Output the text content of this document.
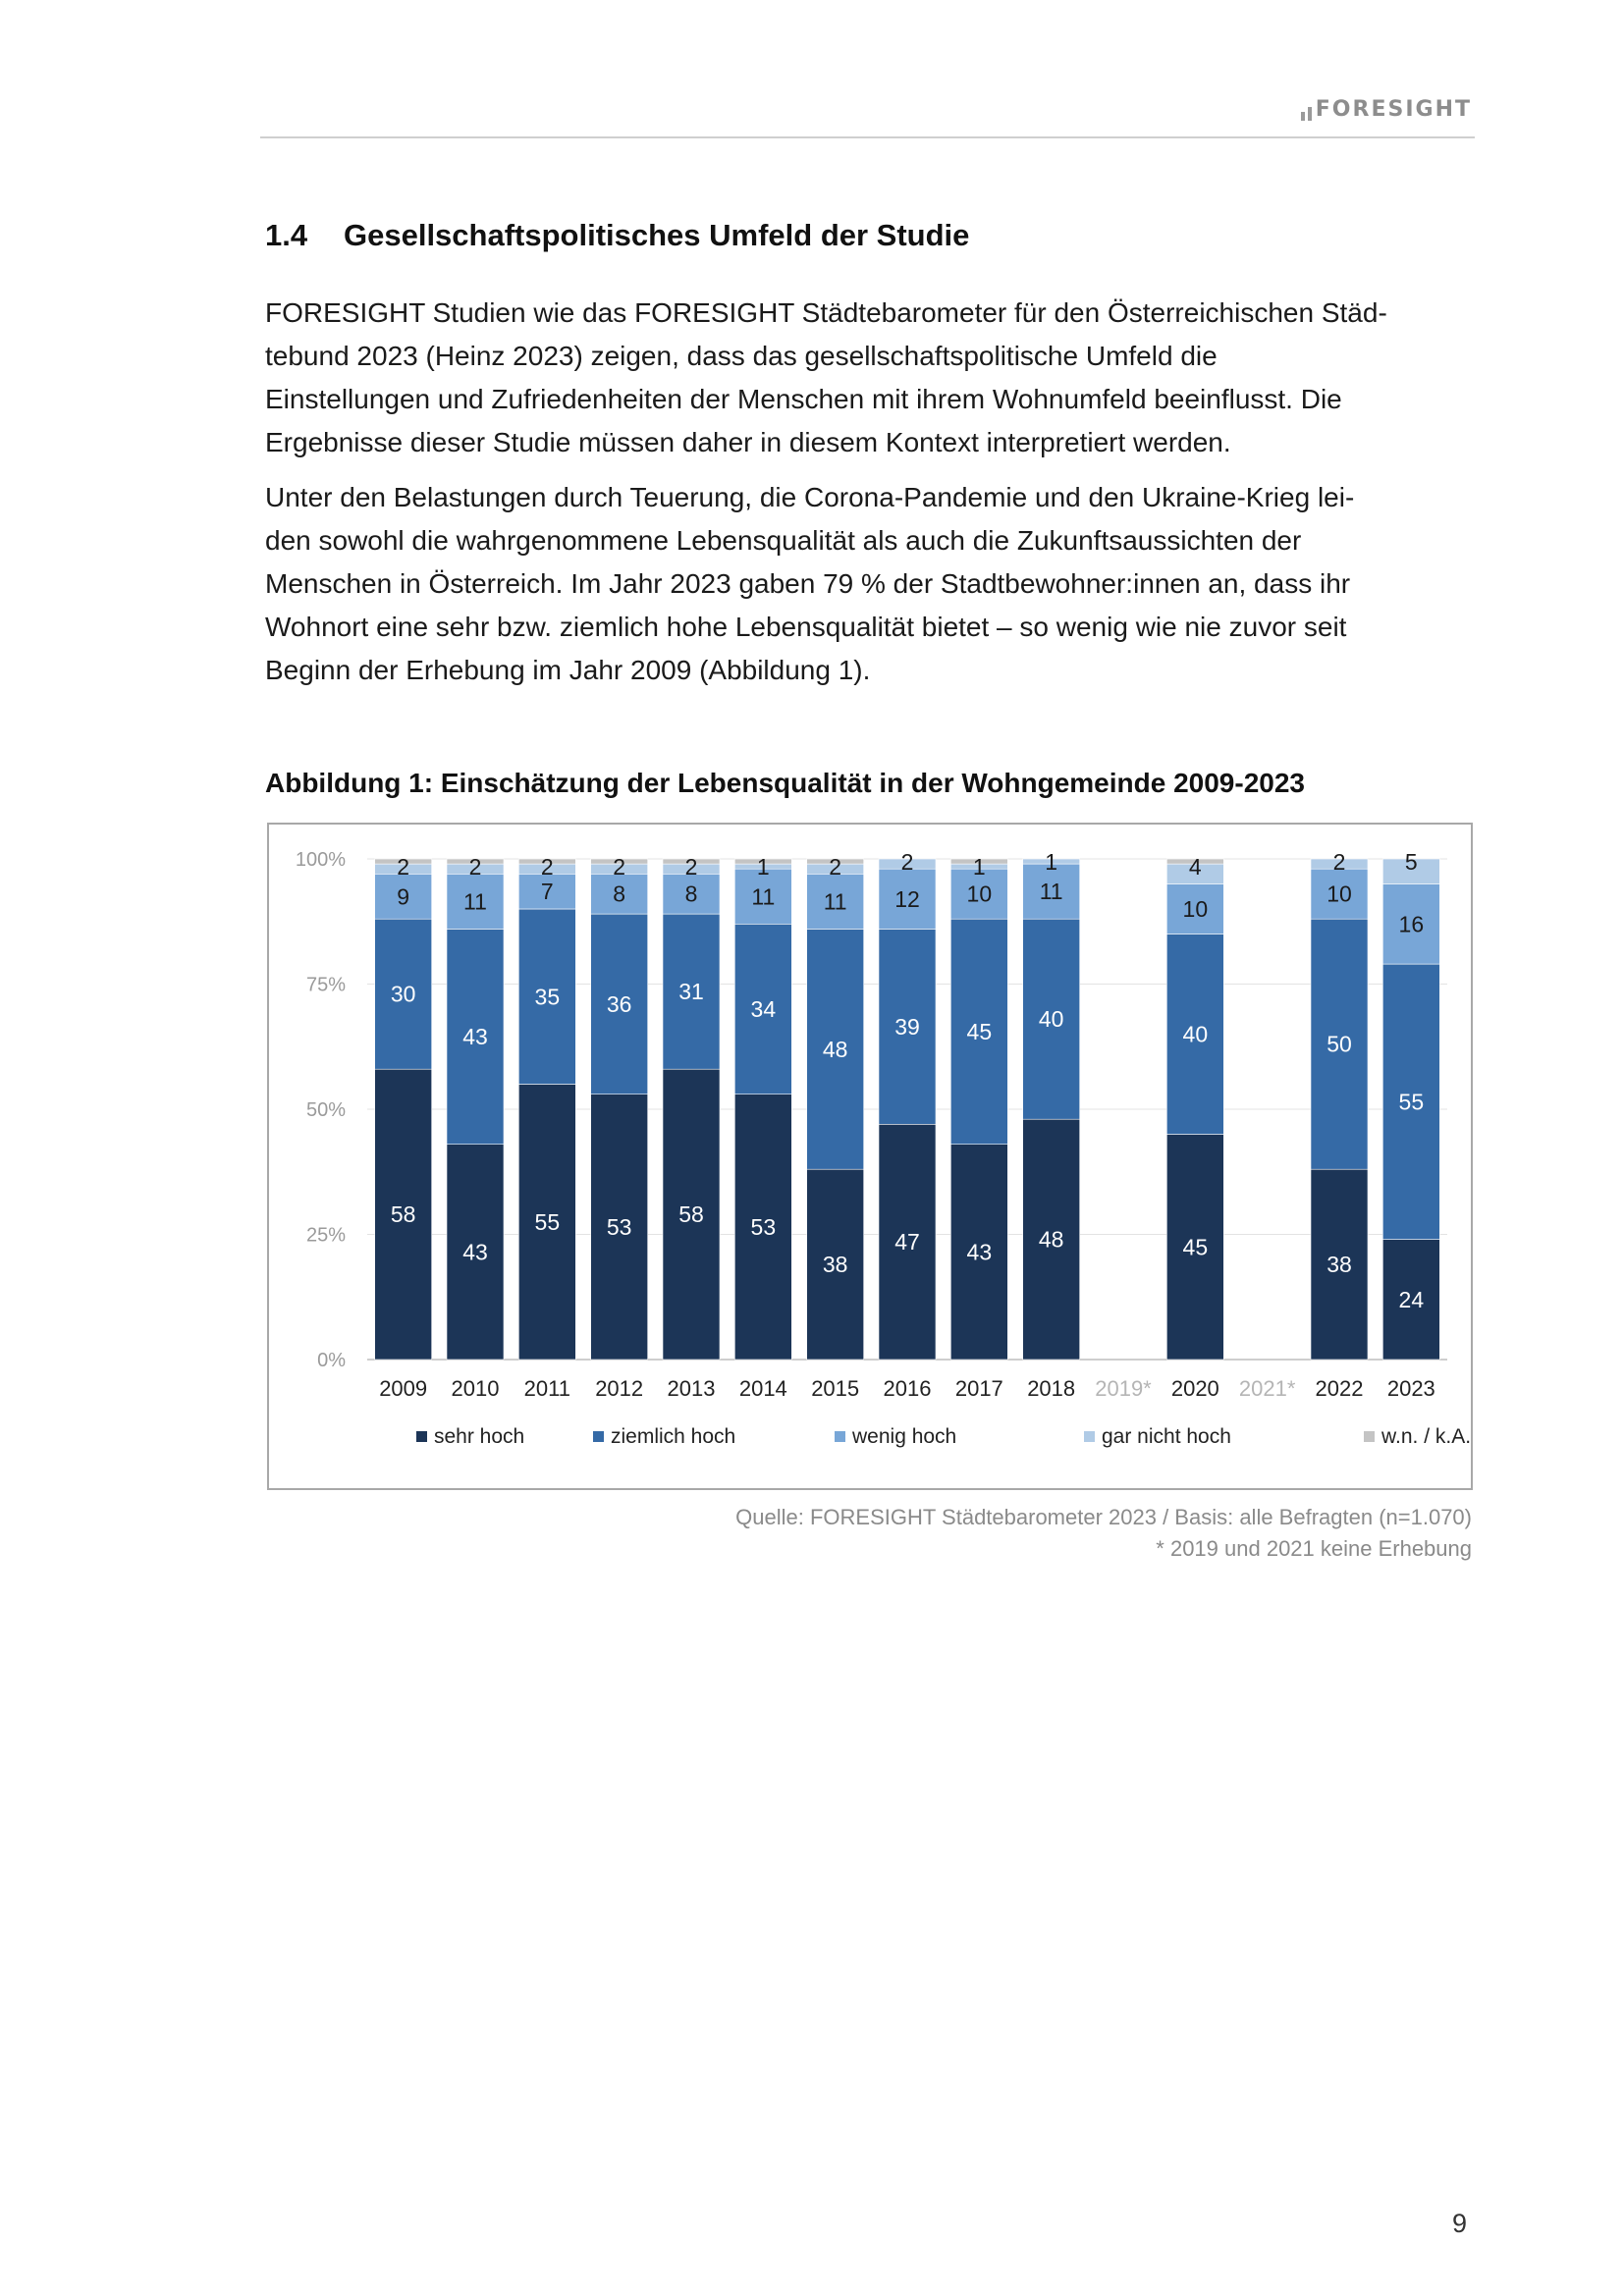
FORESIGHT
1.4 Gesellschaftspolitisches Umfeld der Studie

FORESIGHT Studien wie das FORESIGHT Städtebarometer für den Österreichischen Städ-
tebund 2023 (Heinz 2023) zeigen, dass das gesellschaftspolitische Umfeld die
Einstellungen und Zufriedenheiten der Menschen mit ihrem Wohnumfeld beeinflusst. Die
Ergebnisse dieser Studie müssen daher in diesem Kontext interpretiert werden.

Unter den Belastungen durch Teuerung, die Corona-Pandemie und den Ukraine-Krieg lei-
den sowohl die wahrgenommene Lebensqualität als auch die Zukunftsaussichten der
Menschen in Österreich. Im Jahr 2023 gaben 79 % der Stadtbewohner:innen an, dass ihr
Wohnort eine sehr bzw. ziemlich hohe Lebensqualität bietet – so wenig wie nie zuvor seit
Beginn der Erhebung im Jahr 2009 (Abbildung 1).

Abbildung 1: Einschätzung der Lebensqualität in der Wohngemeinde 2009-2023
0%
25%
50%
75%
100%
2009
58
30
9
2
2010
43
43
11
2
2011
55
35
7
2
2012
53
36
8
2
2013
58
31
8
2
2014
53
34
11
1
2015
38
48
11
2
2016
47
39
12
2
2017
43
45
10
1
2018
48
40
11
1
2019* 2020
45
40
10
4
2021* 2022
38
50
10
2
2023
24
55
16
5
sehr hoch	ziemlich hoch	wenig hoch	gar nicht hoch	w.n. / k.A.
Quelle: FORESIGHT Städtebarometer 2023 / Basis: alle Befragten (n=1.070)
* 2019 und 2021 keine Erhebung
9
